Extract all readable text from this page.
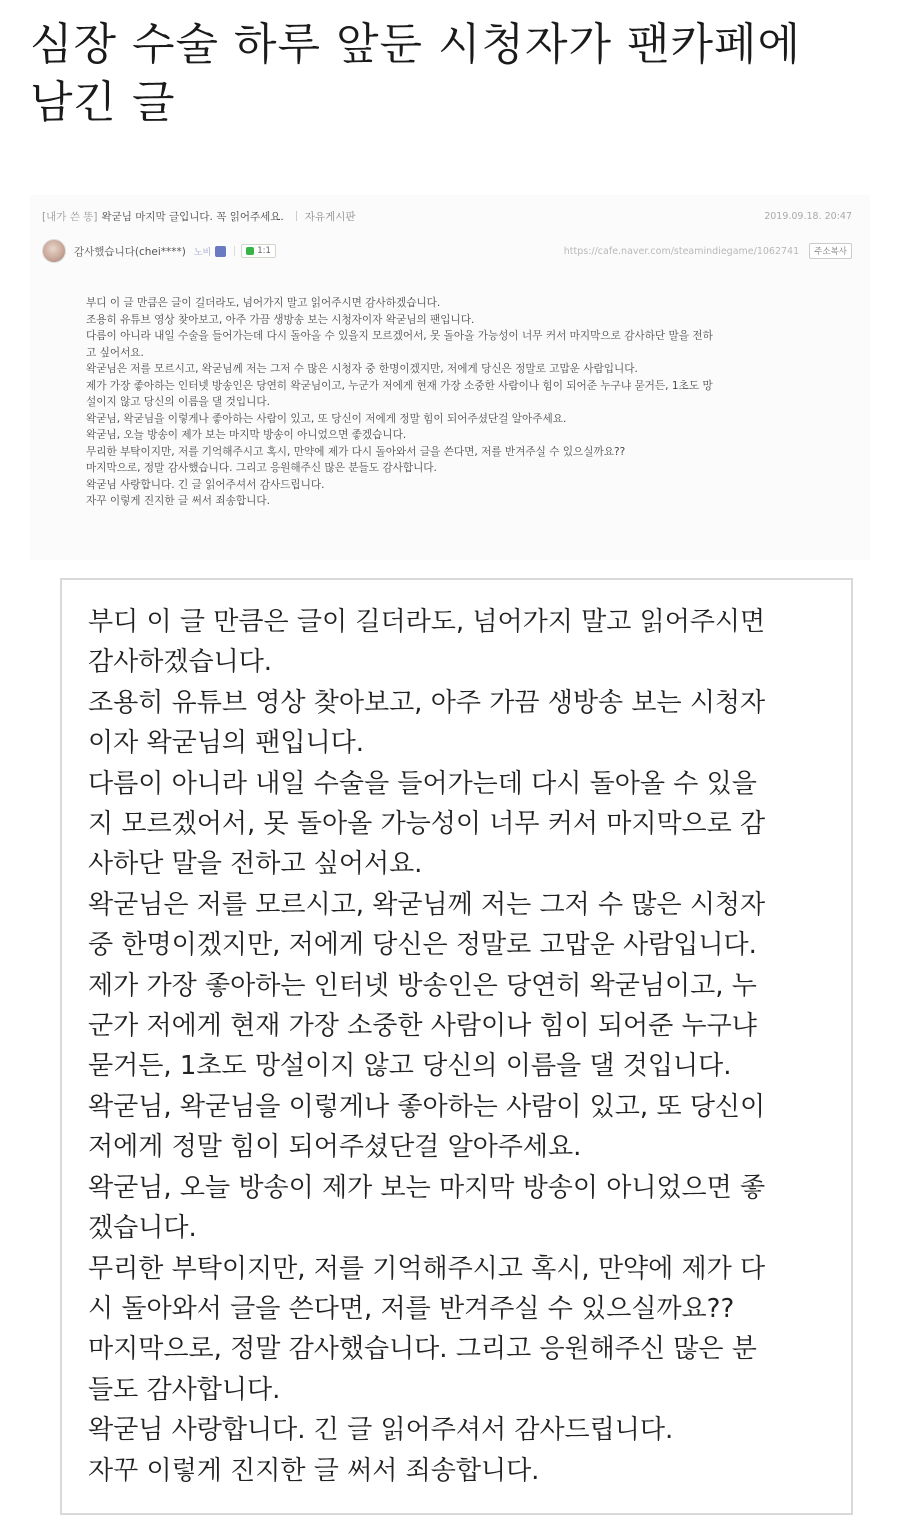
심장 수술 하루 앞둔 시청자가 팬카페에
남긴 글
[내가 쓴 똥] 왁굳님 마지막 글입니다. 꼭 읽어주세요. 자유게시판	2019.09.18. 20:47
감사했습니다(chei****) 노비	1:1	https://cafe.naver.com/steamindiegame/1062741	주소복사
부디 이 글 만큼은 글이 길더라도, 넘어가지 말고 읽어주시면 감사하겠습니다.
조용히 유튜브 영상 찾아보고, 아주 가끔 생방송 보는 시청자이자 왁굳님의 팬입니다.
다름이 아니라 내일 수술을 들어가는데 다시 돌아올 수 있을지 모르겠어서, 못 돌아올 가능성이 너무 커서 마지막으로 감사하단 말을 전하
고 싶어서요.
왁굳님은 저를 모르시고, 왁굳님께 저는 그저 수 많은 시청자 중 한명이겠지만, 저에게 당신은 정말로 고맙운 사람입니다.
제가 가장 좋아하는 인터넷 방송인은 당연히 왁굳님이고, 누군가 저에게 현재 가장 소중한 사람이나 힘이 되어준 누구냐 묻거든, 1초도 망
설이지 않고 당신의 이름을 댈 것입니다.
왁굳님, 왁굳님을 이렇게나 좋아하는 사람이 있고, 또 당신이 저에게 정말 힘이 되어주셨단걸 알아주세요.
왁굳님, 오늘 방송이 제가 보는 마지막 방송이 아니었으면 좋겠습니다.
무리한 부탁이지만, 저를 기억해주시고 혹시, 만약에 제가 다시 돌아와서 글을 쓴다면, 저를 반겨주실 수 있으실까요??
마지막으로, 정말 감사했습니다. 그리고 응원해주신 많은 분들도 감사합니다.
왁굳님 사랑합니다. 긴 글 읽어주셔서 감사드립니다.
자꾸 이렇게 진지한 글 써서 죄송합니다.
부디 이 글 만큼은 글이 길더라도, 넘어가지 말고 읽어주시면
감사하겠습니다.
조용히 유튜브 영상 찾아보고, 아주 가끔 생방송 보는 시청자
이자 왁굳님의 팬입니다.
다름이 아니라 내일 수술을 들어가는데 다시 돌아올 수 있을
지 모르겠어서, 못 돌아올 가능성이 너무 커서 마지막으로 감
사하단 말을 전하고 싶어서요.
왁굳님은 저를 모르시고, 왁굳님께 저는 그저 수 많은 시청자
중 한명이겠지만, 저에게 당신은 정말로 고맙운 사람입니다.
제가 가장 좋아하는 인터넷 방송인은 당연히 왁굳님이고, 누
군가 저에게 현재 가장 소중한 사람이나 힘이 되어준 누구냐
묻거든, 1초도 망설이지 않고 당신의 이름을 댈 것입니다.
왁굳님, 왁굳님을 이렇게나 좋아하는 사람이 있고, 또 당신이
저에게 정말 힘이 되어주셨단걸 알아주세요.
왁굳님, 오늘 방송이 제가 보는 마지막 방송이 아니었으면 좋
겠습니다.
무리한 부탁이지만, 저를 기억해주시고 혹시, 만약에 제가 다
시 돌아와서 글을 쓴다면, 저를 반겨주실 수 있으실까요??
마지막으로, 정말 감사했습니다. 그리고 응원해주신 많은 분
들도 감사합니다.
왁굳님 사랑합니다. 긴 글 읽어주셔서 감사드립니다.
자꾸 이렇게 진지한 글 써서 죄송합니다.
